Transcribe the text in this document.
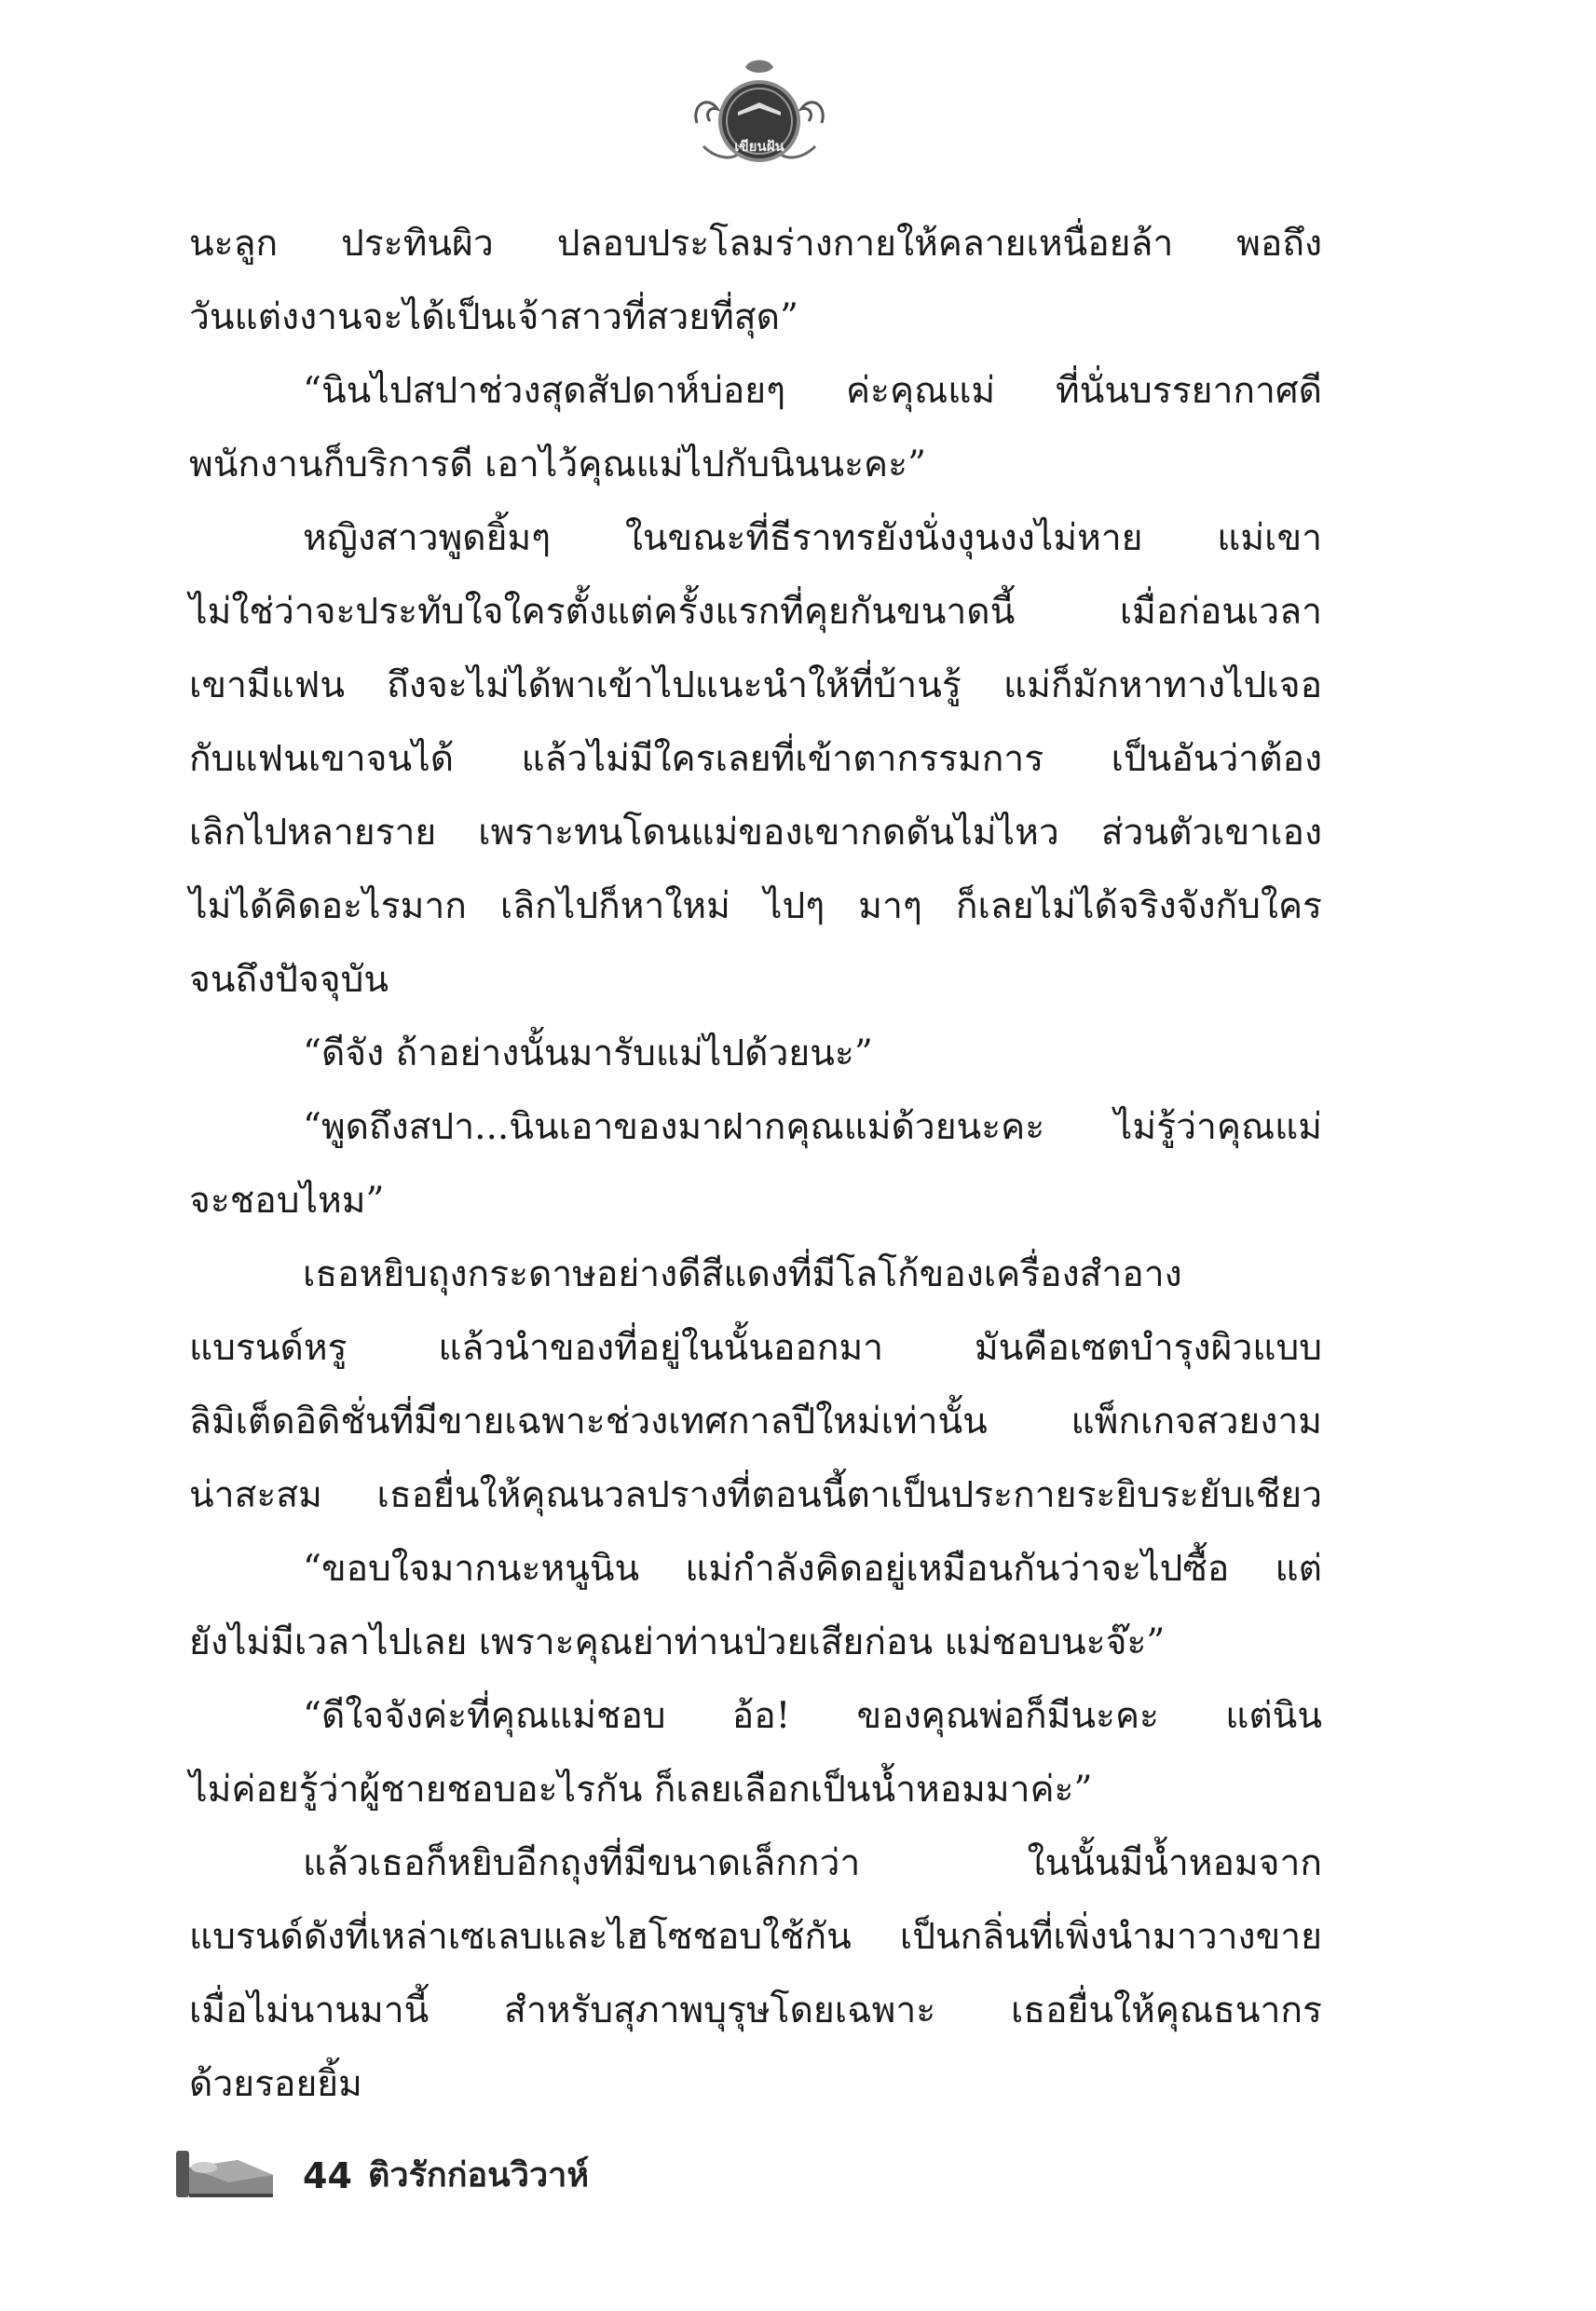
เขียนฝัน
นะลูก ประทินผิว ปลอบประโลมร่างกายให้คลายเหนื่อยล้า พอถึง
วันแต่งงานจะได้เป็นเจ้าสาวที่สวยที่สุด”
“นินไปสปาช่วงสุดสัปดาห์บ่อยๆ ค่ะคุณแม่ ที่นั่นบรรยากาศดี
พนักงานก็บริการดี เอาไว้คุณแม่ไปกับนินนะคะ”
หญิงสาวพูดยิ้มๆ ในขณะที่ธีราทรยังนั่งงุนงงไม่หาย แม่เขา
ไม่ใช่ว่าจะประทับใจใครตั้งแต่ครั้งแรกที่คุยกันขนาดนี้ เมื่อก่อนเวลา
เขามีแฟน ถึงจะไม่ได้พาเข้าไปแนะนำให้ที่บ้านรู้ แม่ก็มักหาทางไปเจอ
กับแฟนเขาจนได้ แล้วไม่มีใครเลยที่เข้าตากรรมการ เป็นอันว่าต้อง
เลิกไปหลายราย เพราะทนโดนแม่ของเขากดดันไม่ไหว ส่วนตัวเขาเอง
ไม่ได้คิดอะไรมาก เลิกไปก็หาใหม่ ไปๆ มาๆ ก็เลยไม่ได้จริงจังกับใคร
จนถึงปัจจุบัน
“ดีจัง ถ้าอย่างนั้นมารับแม่ไปด้วยนะ”
“พูดถึงสปา...นินเอาของมาฝากคุณแม่ด้วยนะคะ ไม่รู้ว่าคุณแม่
จะชอบไหม”
เธอหยิบถุงกระดาษอย่างดีสีแดงที่มีโลโก้ของเครื่องสำอาง
แบรนด์หรู แล้วนำของที่อยู่ในนั้นออกมา มันคือเซตบำรุงผิวแบบ
ลิมิเต็ดอิดิชั่นที่มีขายเฉพาะช่วงเทศกาลปีใหม่เท่านั้น แพ็กเกจสวยงาม
น่าสะสม เธอยื่นให้คุณนวลปรางที่ตอนนี้ตาเป็นประกายระยิบระยับเชียว
“ขอบใจมากนะหนูนิน แม่กำลังคิดอยู่เหมือนกันว่าจะไปซื้อ แต่
ยังไม่มีเวลาไปเลย เพราะคุณย่าท่านป่วยเสียก่อน แม่ชอบนะจ๊ะ”
“ดีใจจังค่ะที่คุณแม่ชอบ อ้อ! ของคุณพ่อก็มีนะคะ แต่นิน
ไม่ค่อยรู้ว่าผู้ชายชอบอะไรกัน ก็เลยเลือกเป็นน้ำหอมมาค่ะ”
แล้วเธอก็หยิบอีกถุงที่มีขนาดเล็กกว่า ในนั้นมีน้ำหอมจาก
แบรนด์ดังที่เหล่าเซเลบและไฮโซชอบใช้กัน เป็นกลิ่นที่เพิ่งนำมาวางขาย
เมื่อไม่นานมานี้ สำหรับสุภาพบุรุษโดยเฉพาะ เธอยื่นให้คุณธนากร
ด้วยรอยยิ้ม
44 ติวรักก่อนวิวาห์
